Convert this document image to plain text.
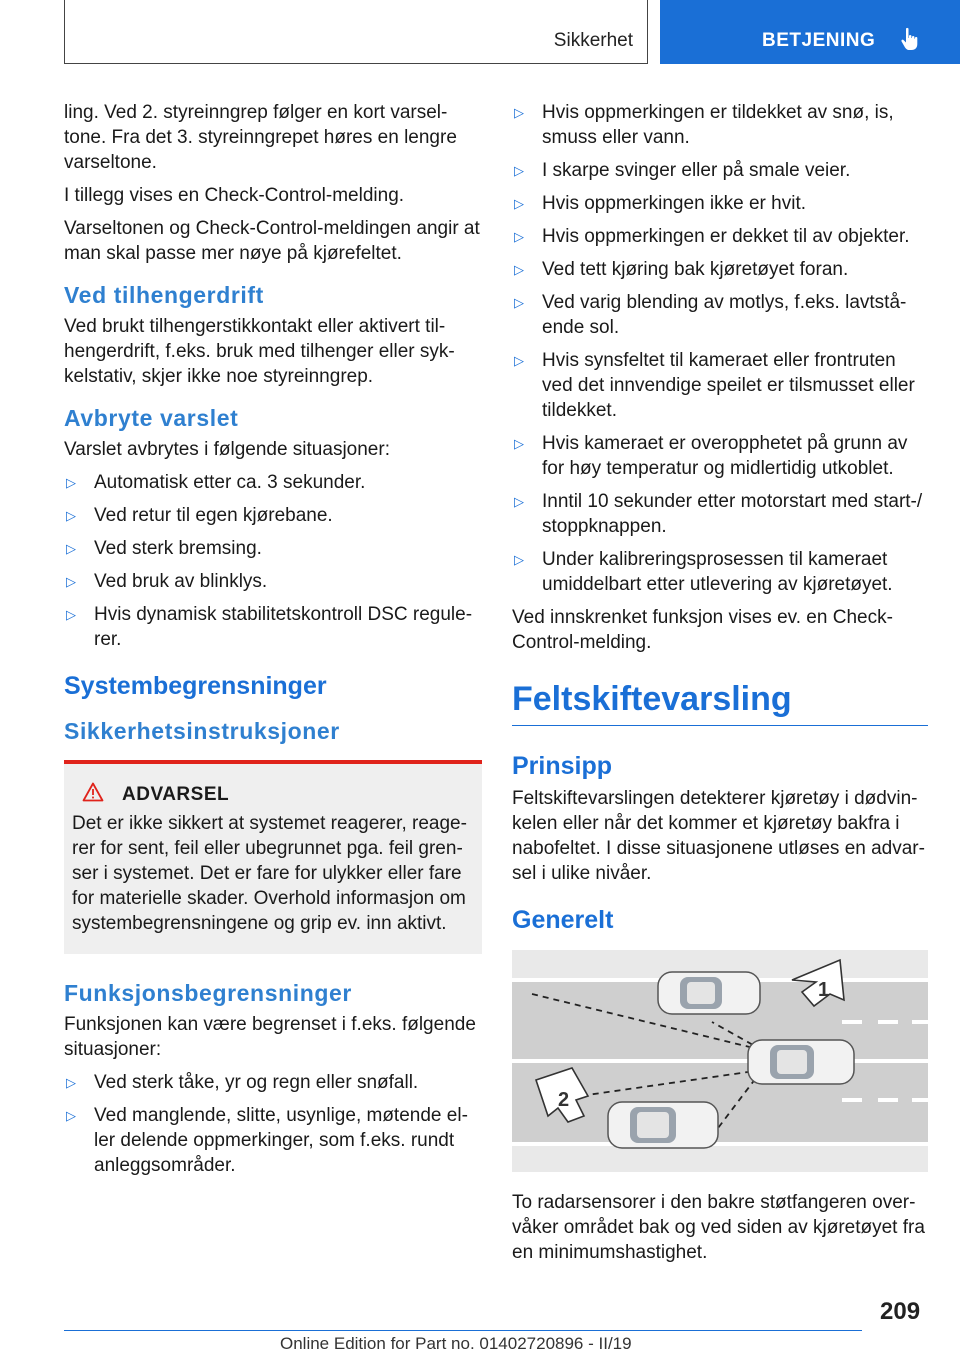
Sikkerhet	BETJENING

ling. Ved 2. styreinngrep følger en kort varseltone. Fra det 3. styreinngrepet høres en lengre varseltone.

I tillegg vises en Check-Control-melding.

Varseltonen og Check-Control-meldingen angir at man skal passe mer nøye på kjørefeltet.

Ved tilhengerdrift

Ved brukt tilhengerstikkontakt eller aktivert tilhengerdrift, f.eks. bruk med tilhenger eller sykkelstativ, skjer ikke noe styreinngrep.

Avbryte varslet

Varslet avbrytes i følgende situasjoner:

▷ Automatisk etter ca. 3 sekunder.
▷ Ved retur til egen kjørebane.
▷ Ved sterk bremsing.
▷ Ved bruk av blinklys.
▷ Hvis dynamisk stabilitetskontroll DSC regulerer.
Systembegrensninger
Sikkerhetsinstruksjoner
ADVARSEL

Det er ikke sikkert at systemet reagerer, reagerer for sent, feil eller ubegrunnet pga. feil grenser i systemet. Det er fare for ulykker eller fare for materielle skader. Overhold informasjon om systembegrensningene og grip ev. inn aktivt.

Funksjonsbegrensninger

Funksjonen kan være begrenset i f.eks. følgende situasjoner:

▷ Ved sterk tåke, yr og regn eller snøfall.
▷ Ved manglende, slitte, usynlige, møtende eller delende oppmerkinger, som f.eks. rundt anleggsområder.
▷ Hvis oppmerkingen er tildekket av snø, is, smuss eller vann.
▷ I skarpe svinger eller på smale veier.
▷ Hvis oppmerkingen ikke er hvit.
▷ Hvis oppmerkingen er dekket til av objekter.
▷ Ved tett kjøring bak kjøretøyet foran.
▷ Ved varig blending av motlys, f.eks. lavtstående sol.
▷ Hvis synsfeltet til kameraet eller frontruten ved det innvendige speilet er tilsmusset eller tildekket.
▷ Hvis kameraet er overopphetet på grunn av for høy temperatur og midlertidig utkoblet.
▷ Inntil 10 sekunder etter motorstart med start-/ stoppknappen.
▷ Under kalibreringsprosessen til kameraet umiddelbart etter utlevering av kjøretøyet.

Ved innskrenket funksjon vises ev. en Check-Control-melding.

Feltskiftevarsling
Prinsipp

Feltskiftevarslingen detekterer kjøretøy i dødvinkelen eller når det kommer et kjøretøy bakfra i nabofeltet. I disse situasjonene utløses en advarsel i ulike nivåer.

Generelt
1
2

To radarsensorer i den bakre støtfangeren overvåker området bak og ved siden av kjøretøyet fra en minimumshastighet.

209
Online Edition for Part no. 01402720896 - II/19
